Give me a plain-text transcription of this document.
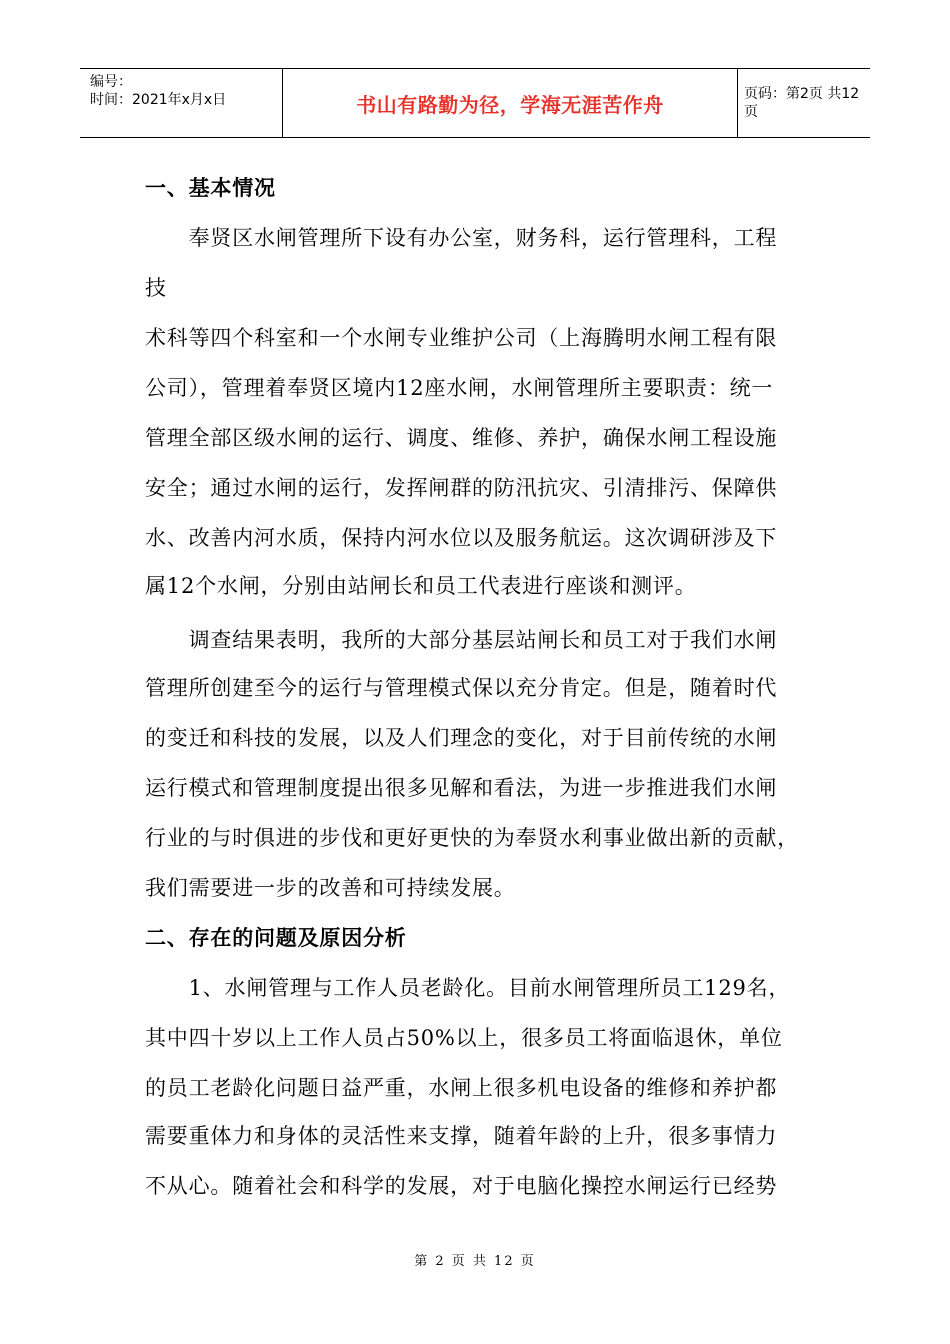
编号：
时间：2021年x月x日	书山有路勤为径，学海无涯苦作舟	页码：第2页 共12页
一、基本情况
　　奉贤区水闸管理所下设有办公室，财务科，运行管理科，工程
技
术科等四个科室和一个水闸专业维护公司（上海腾明水闸工程有限
公司），管理着奉贤区境内12座水闸，水闸管理所主要职责：统一
管理全部区级水闸的运行、调度、维修、养护，确保水闸工程设施
安全；通过水闸的运行，发挥闸群的防汛抗灾、引清排污、保障供
水、改善内河水质，保持内河水位以及服务航运。这次调研涉及下
属12个水闸，分别由站闸长和员工代表进行座谈和测评。
　　调查结果表明，我所的大部分基层站闸长和员工对于我们水闸
管理所创建至今的运行与管理模式保以充分肯定。但是，随着时代
的变迁和科技的发展，以及人们理念的变化，对于目前传统的水闸
运行模式和管理制度提出很多见解和看法，为进一步推进我们水闸
行业的与时俱进的步伐和更好更快的为奉贤水利事业做出新的贡献，
我们需要进一步的改善和可持续发展。
二、存在的问题及原因分析
　　1、水闸管理与工作人员老龄化。目前水闸管理所员工129名，
其中四十岁以上工作人员占50%以上，很多员工将面临退休，单位
的员工老龄化问题日益严重，水闸上很多机电设备的维修和养护都
需要重体力和身体的灵活性来支撑，随着年龄的上升，很多事情力
不从心。随着社会和科学的发展，对于电脑化操控水闸运行已经势
第 2 页 共 12 页
